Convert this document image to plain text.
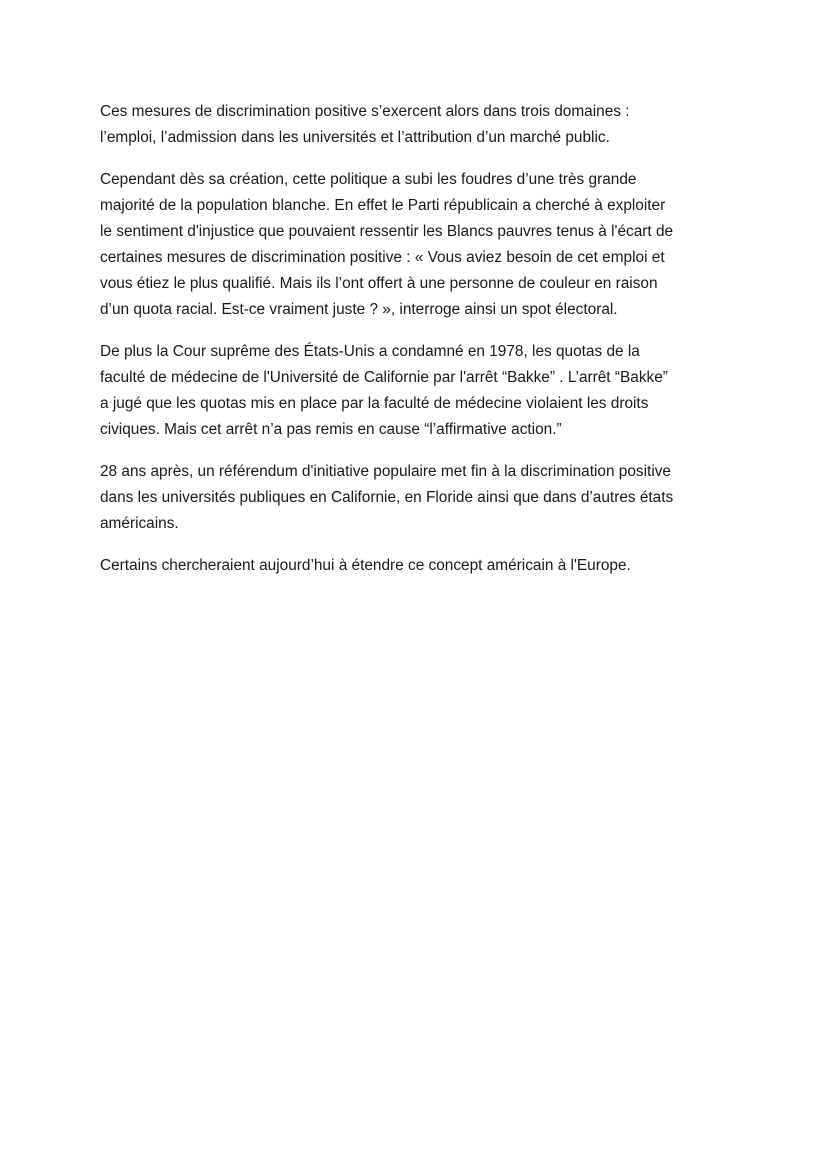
Ces mesures de discrimination positive s’exercent alors dans trois domaines :
l’emploi, l’admission dans les universités et l’attribution d’un marché public.

Cependant dès sa création, cette politique a subi les foudres d’une très grande
majorité de la population blanche. En effet le Parti républicain a cherché à exploiter
le sentiment d'injustice que pouvaient ressentir les Blancs pauvres tenus à l'écart de
certaines mesures de discrimination positive : « Vous aviez besoin de cet emploi et
vous étiez le plus qualifié. Mais ils l’ont offert à une personne de couleur en raison
d’un quota racial. Est-ce vraiment juste ? », interroge ainsi un spot électoral.

De plus la Cour suprême des États-Unis a condamné en 1978, les quotas de la
faculté de médecine de l'Université de Californie par l'arrêt “Bakke” . L’arrêt “Bakke”
a jugé que les quotas mis en place par la faculté de médecine violaient les droits
civiques. Mais cet arrêt n’a pas remis en cause “l’affirmative action.”

28 ans après, un référendum d'initiative populaire met fin à la discrimination positive
dans les universités publiques en Californie, en Floride ainsi que dans d’autres états
américains.

Certains chercheraient aujourd’hui à étendre ce concept américain à l'Europe.
